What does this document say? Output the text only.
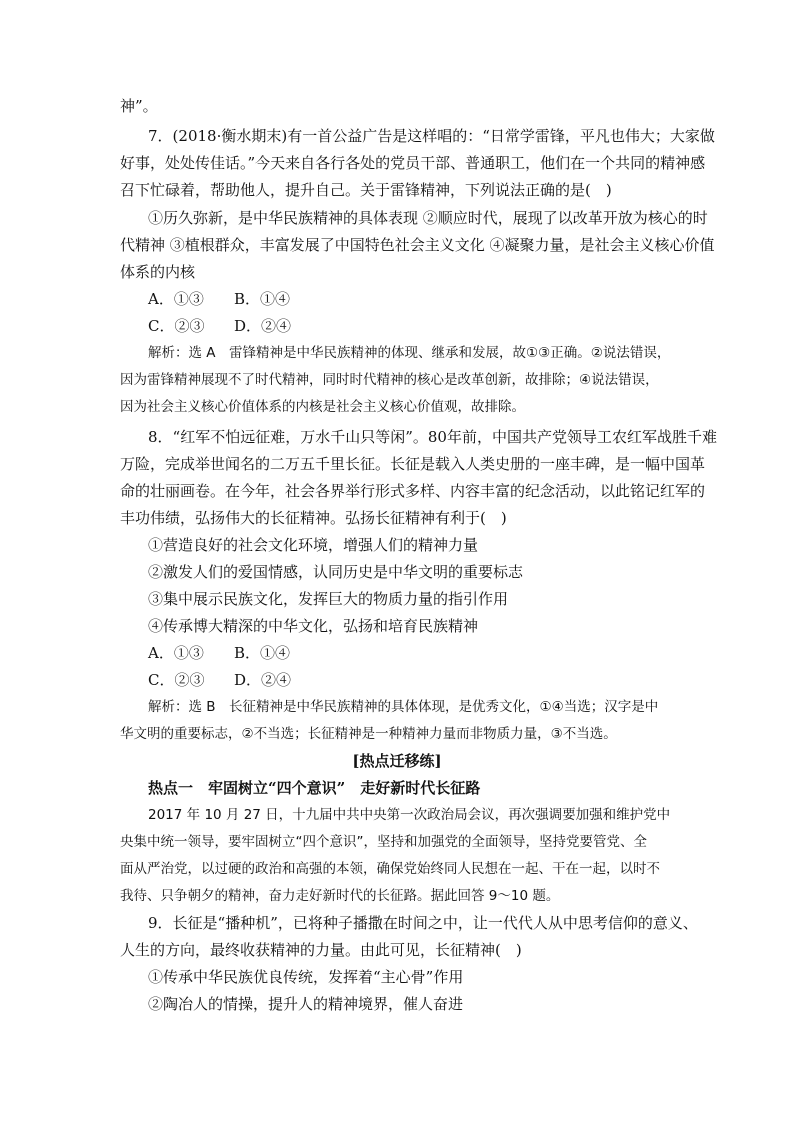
神”。
7．(2018·衡水期末)有一首公益广告是这样唱的：“日常学雷锋，平凡也伟大；大家做
好事，处处传佳话。”今天来自各行各处的党员干部、普通职工，他们在一个共同的精神感
召下忙碌着，帮助他人，提升自己。关于雷锋精神，下列说法正确的是(　)
①历久弥新，是中华民族精神的具体表现 ②顺应时代，展现了以改革开放为核心的时
代精神 ③植根群众，丰富发展了中国特色社会主义文化 ④凝聚力量，是社会主义核心价值
体系的内核
A．①③ B．①④
C．②③ D．②④
解析：选 A　雷锋精神是中华民族精神的体现、继承和发展，故①③正确。②说法错误，
因为雷锋精神展现不了时代精神，同时时代精神的核心是改革创新，故排除；④说法错误，
因为社会主义核心价值体系的内核是社会主义核心价值观，故排除。
8．“红军不怕远征难，万水千山只等闲”。80年前，中国共产党领导工农红军战胜千难
万险，完成举世闻名的二万五千里长征。长征是载入人类史册的一座丰碑，是一幅中国革
命的壮丽画卷。在今年，社会各界举行形式多样、内容丰富的纪念活动，以此铭记红军的
丰功伟绩，弘扬伟大的长征精神。弘扬长征精神有利于(　)
①营造良好的社会文化环境，增强人们的精神力量
②激发人们的爱国情感，认同历史是中华文明的重要标志
③集中展示民族文化，发挥巨大的物质力量的指引作用
④传承博大精深的中华文化，弘扬和培育民族精神
A．①③ B．①④
C．②③ D．②④
解析：选 B　长征精神是中华民族精神的具体体现，是优秀文化，①④当选；汉字是中
华文明的重要标志，②不当选；长征精神是一种精神力量而非物质力量，③不当选。
[热点迁移练]
热点一　牢固树立“四个意识”　走好新时代长征路
2017 年 10 月 27 日，十九届中共中央第一次政治局会议，再次强调要加强和维护党中
央集中统一领导，要牢固树立“四个意识”，坚持和加强党的全面领导，坚持党要管党、全
面从严治党，以过硬的政治和高强的本领，确保党始终同人民想在一起、干在一起，以时不
我待、只争朝夕的精神，奋力走好新时代的长征路。据此回答 9～10 题。
9．长征是“播种机”，已将种子播撒在时间之中，让一代代人从中思考信仰的意义、
人生的方向，最终收获精神的力量。由此可见，长征精神(　)
①传承中华民族优良传统，发挥着“主心骨”作用
②陶冶人的情操，提升人的精神境界，催人奋进
